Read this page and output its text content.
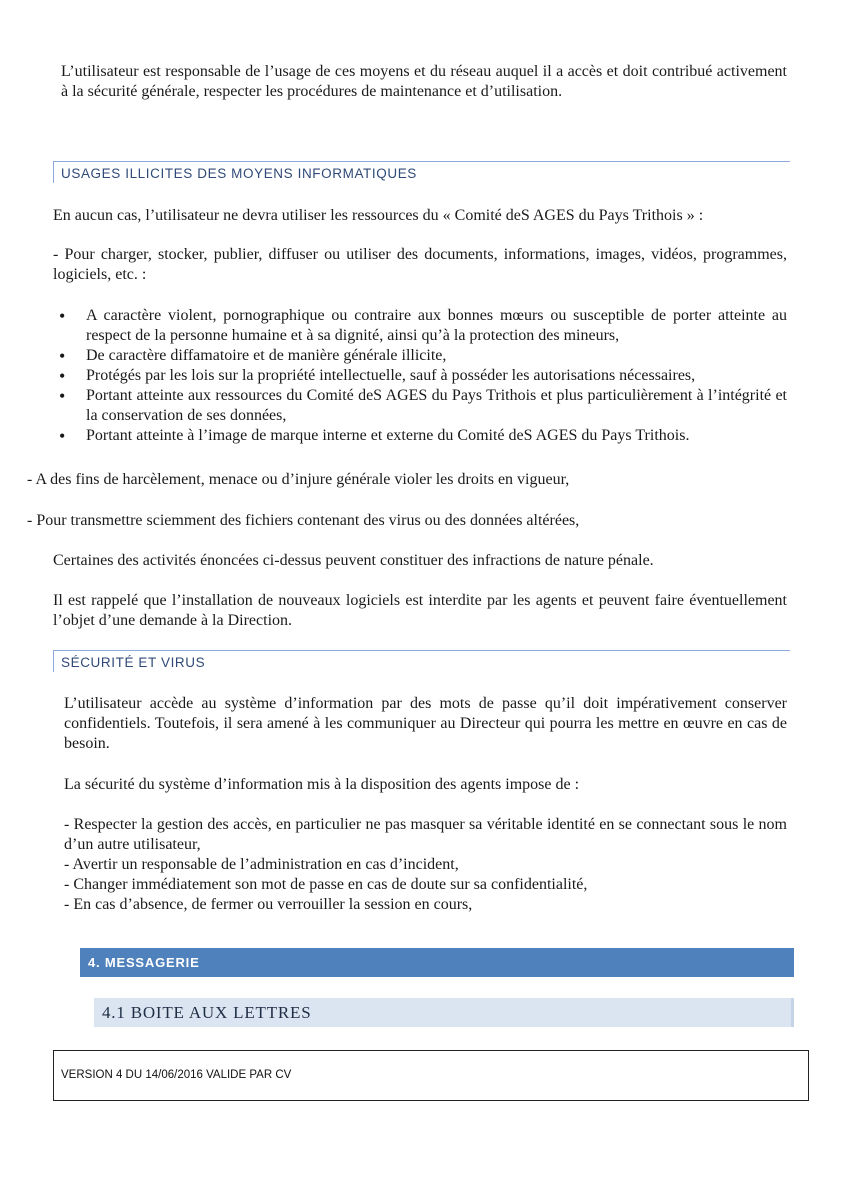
L’utilisateur est responsable de l’usage de ces moyens et du réseau auquel il a accès et doit contribué activement à la sécurité générale, respecter les procédures de maintenance et d’utilisation.

USAGES ILLICITES DES MOYENS INFORMATIQUES

En aucun cas, l’utilisateur ne devra utiliser les ressources du « Comité deS AGES du Pays Trithois » :

- Pour charger, stocker, publier, diffuser ou utiliser des documents, informations, images, vidéos, programmes, logiciels, etc. :

• A caractère violent, pornographique ou contraire aux bonnes mœurs ou susceptible de porter atteinte au respect de la personne humaine et à sa dignité, ainsi qu’à la protection des mineurs,
• De caractère diffamatoire et de manière générale illicite,
• Protégés par les lois sur la propriété intellectuelle, sauf à posséder les autorisations nécessaires,
• Portant atteinte aux ressources du Comité deS AGES du Pays Trithois et plus particulièrement à l’intégrité et la conservation de ses données,
• Portant atteinte à l’image de marque interne et externe du Comité deS AGES du Pays Trithois.

- A des fins de harcèlement, menace ou d’injure générale violer les droits en vigueur,

- Pour transmettre sciemment des fichiers contenant des virus ou des données altérées,

Certaines des activités énoncées ci-dessus peuvent constituer des infractions de nature pénale.

Il est rappelé que l’installation de nouveaux logiciels est interdite par les agents et peuvent faire éventuellement l’objet d’une demande à la Direction.

SÉCURITÉ ET VIRUS

L’utilisateur accède au système d’information par des mots de passe qu’il doit impérativement conserver confidentiels. Toutefois, il sera amené à les communiquer au Directeur qui pourra les mettre en œuvre en cas de besoin.

La sécurité du système d’information mis à la disposition des agents impose de :

- Respecter la gestion des accès, en particulier ne pas masquer sa véritable identité en se connectant sous le nom d’un autre utilisateur,

- Avertir un responsable de l’administration en cas d’incident,

- Changer immédiatement son mot de passe en cas de doute sur sa confidentialité,

- En cas d’absence, de fermer ou verrouiller la session en cours,

4. MESSAGERIE
4.1 BOITE AUX LETTRES
VERSION 4 DU 14/06/2016 VALIDE PAR CV
